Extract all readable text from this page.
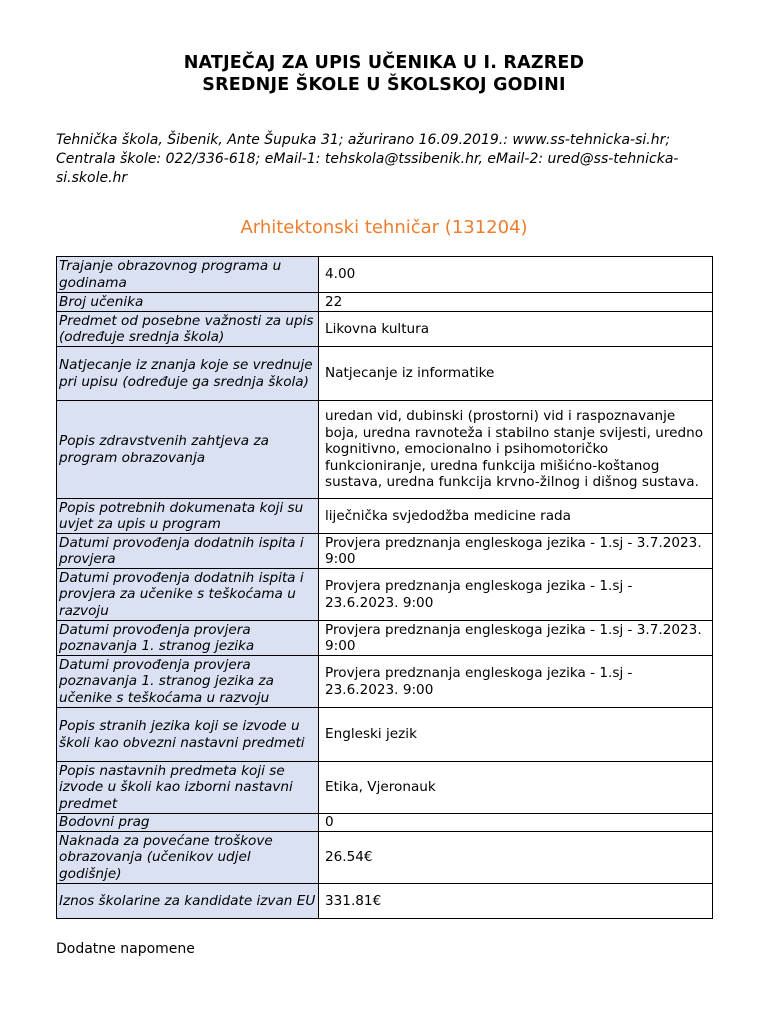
NATJEČAJ ZA UPIS UČENIKA U I. RAZRED
SREDNJE ŠKOLE U ŠKOLSKOJ GODINI
Tehnička škola, Šibenik, Ante Šupuka 31; ažurirano 16.09.2019.: www.ss-tehnicka-si.hr; Centrala škole: 022/336-618; eMail-1: tehskola@tssibenik.hr, eMail-2: ured@ss-tehnicka-si.skole.hr
Arhitektonski tehničar (131204)
Trajanje obrazovnog programa u godinama	4.00
Broj učenika	22
Predmet od posebne važnosti za upis (određuje srednja škola)	Likovna kultura
Natjecanje iz znanja koje se vrednuje pri upisu (određuje ga srednja škola)	Natjecanje iz informatike
Popis zdravstvenih zahtjeva za program obrazovanja	uredan vid, dubinski (prostorni) vid i raspoznavanje boja, uredna ravnoteža i stabilno stanje svijesti, uredno kognitivno, emocionalno i psihomotoričko funkcioniranje, uredna funkcija mišićno-koštanog sustava, uredna funkcija krvno-žilnog i dišnog sustava.
Popis potrebnih dokumenata koji su uvjet za upis u program	liječnička svjedodžba medicine rada
Datumi provođenja dodatnih ispita i provjera	Provjera predznanja engleskoga jezika - 1.sj - 3.7.2023. 9:00
Datumi provođenja dodatnih ispita i provjera za učenike s teškoćama u razvoju	Provjera predznanja engleskoga jezika - 1.sj - 23.6.2023. 9:00
Datumi provođenja provjera poznavanja 1. stranog jezika	Provjera predznanja engleskoga jezika - 1.sj - 3.7.2023. 9:00
Datumi provođenja provjera poznavanja 1. stranog jezika za učenike s teškoćama u razvoju	Provjera predznanja engleskoga jezika - 1.sj - 23.6.2023. 9:00
Popis stranih jezika koji se izvode u školi kao obvezni nastavni predmeti	Engleski jezik
Popis nastavnih predmeta koji se izvode u školi kao izborni nastavni predmet	Etika, Vjeronauk
Bodovni prag	0
Naknada za povećane troškove obrazovanja (učenikov udjel godišnje)	26.54€
Iznos školarine za kandidate izvan EU	331.81€
Dodatne napomene
